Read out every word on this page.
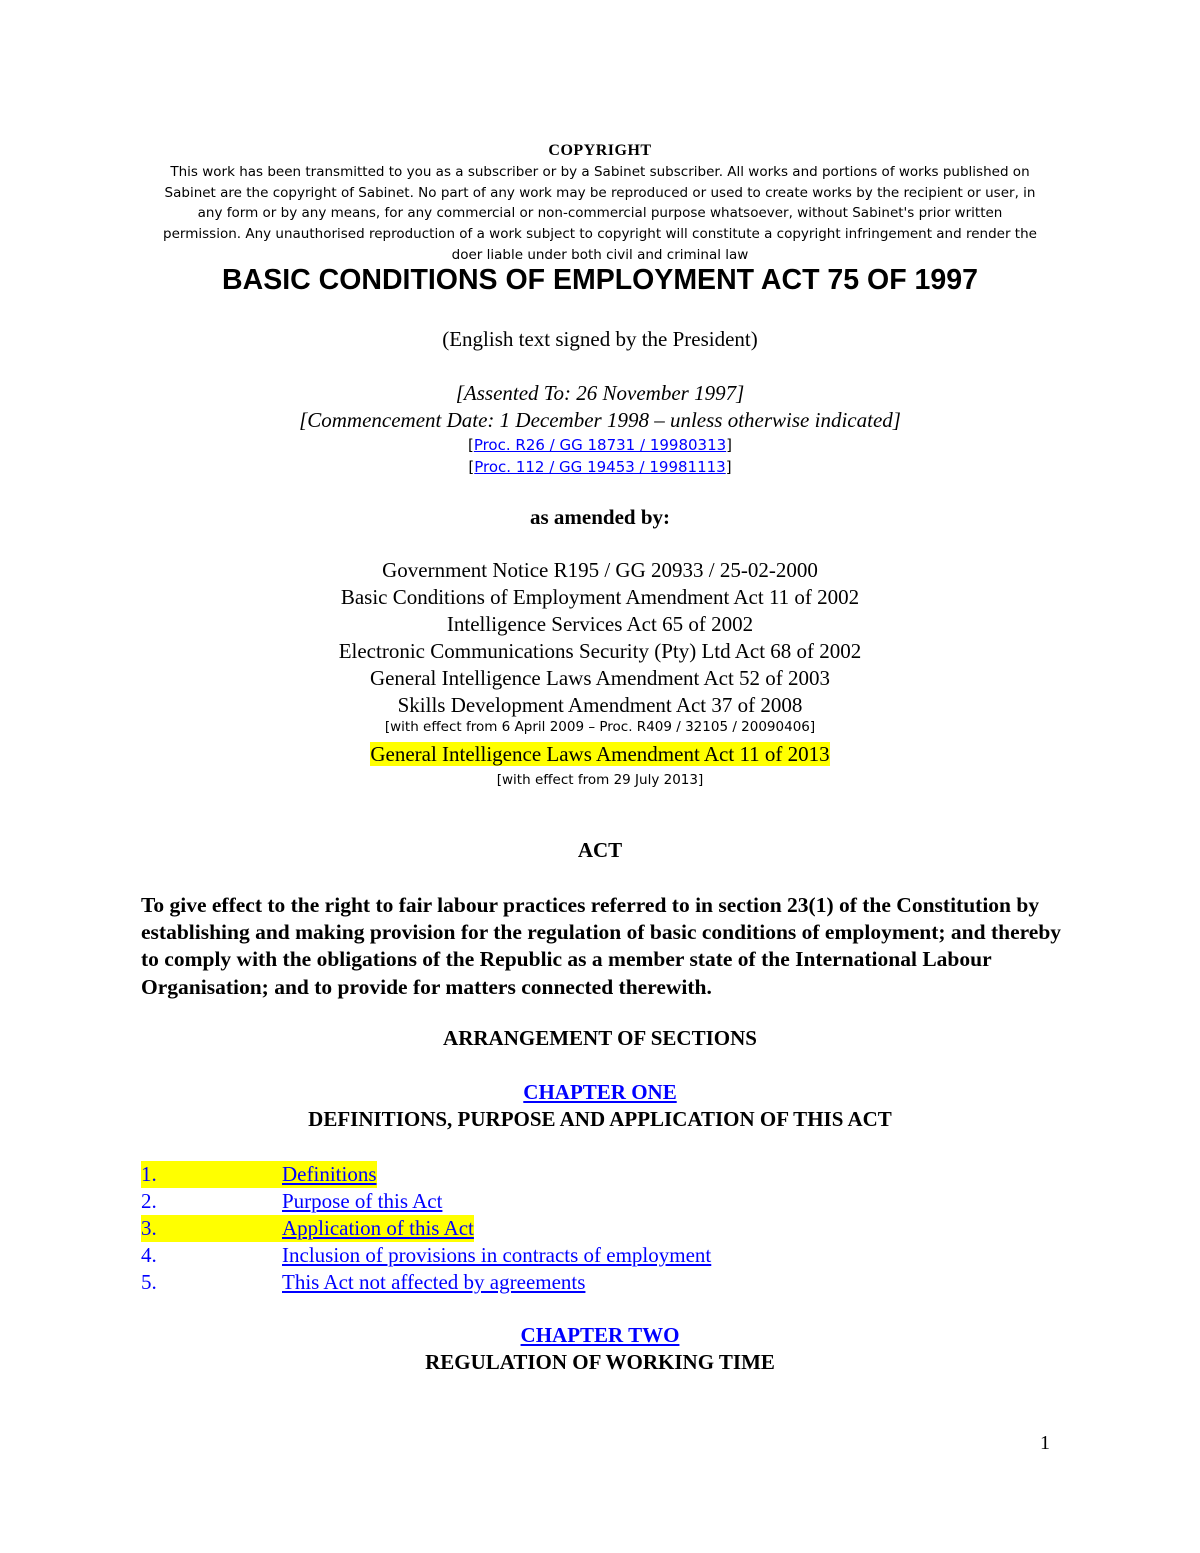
COPYRIGHT
This work has been transmitted to you as a subscriber or by a Sabinet subscriber. All works and portions of works published on
Sabinet are the copyright of Sabinet. No part of any work may be reproduced or used to create works by the recipient or user, in
any form or by any means, for any commercial or non-commercial purpose whatsoever, without Sabinet's prior written
permission. Any unauthorised reproduction of a work subject to copyright will constitute a copyright infringement and render the
doer liable under both civil and criminal law
BASIC CONDITIONS OF EMPLOYMENT ACT 75 OF 1997
(English text signed by the President)
[Assented To: 26 November 1997]
[Commencement Date: 1 December 1998 – unless otherwise indicated]
[Proc. R26 / GG 18731 / 19980313]
[Proc. 112 / GG 19453 / 19981113]
as amended by:
Government Notice R195 / GG 20933 / 25-02-2000
Basic Conditions of Employment Amendment Act 11 of 2002
Intelligence Services Act 65 of 2002
Electronic Communications Security (Pty) Ltd Act 68 of 2002
General Intelligence Laws Amendment Act 52 of 2003
Skills Development Amendment Act 37 of 2008
[with effect from 6 April 2009 – Proc. R409 / 32105 / 20090406]
General Intelligence Laws Amendment Act 11 of 2013
[with effect from 29 July 2013]
ACT
To give effect to the right to fair labour practices referred to in section 23(1) of the Constitution by establishing and making provision for the regulation of basic conditions of employment; and thereby to comply with the obligations of the Republic as a member state of the International Labour Organisation; and to provide for matters connected therewith.
ARRANGEMENT OF SECTIONS
CHAPTER ONE
DEFINITIONS, PURPOSE AND APPLICATION OF THIS ACT
1.	Definitions
2.	Purpose of this Act
3.	Application of this Act
4.	Inclusion of provisions in contracts of employment
5.	This Act not affected by agreements
CHAPTER TWO
REGULATION OF WORKING TIME
1
